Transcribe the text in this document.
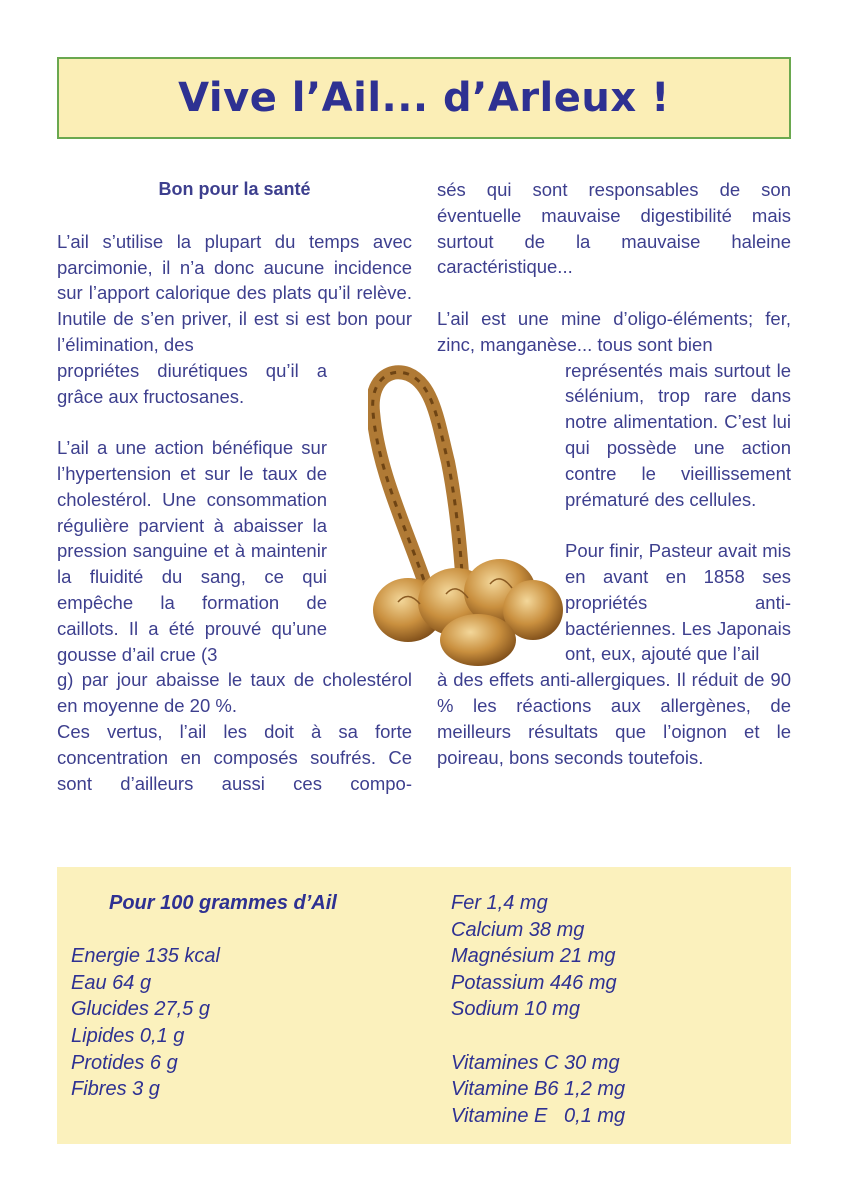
Vive l’Ail... d’Arleux !

Bon pour la santé

L’ail s’utilise la plupart du temps avec parcimonie, il n’a donc aucune incidence sur l’apport calorique des plats qu’il relève. Inutile de s’en priver, il est si est bon pour l’élimination, des

propriétes diurétiques qu’il a grâce aux fructosanes.

L’ail a une action bénéfique sur l’hypertension et sur le taux de cholestérol. Une consommation régulière parvient à abaisser la pression sanguine et à maintenir la fluidité du sang, ce qui empêche la formation de caillots. Il a été prouvé qu’une gousse d’ail crue (3

g) par jour abaisse le taux de cholestérol en moyenne de 20 %.

Ces vertus, l’ail les doit à sa forte concentration en composés soufrés. Ce sont d’ailleurs aussi ces compo-

sés qui sont responsables de son éventuelle mauvaise digestibilité mais surtout de la mauvaise haleine caractéristique...

L’ail est une mine d’oligo-éléments; fer, zinc, manganèse... tous sont bien

représentés mais surtout le sélénium, trop rare dans notre alimentation. C’est lui qui possède une action contre le vieillissement prématuré des cellules.

Pour finir, Pasteur avait mis en avant en 1858 ses propriétés anti-bactériennes. Les Japonais ont, eux, ajouté que l’ail

à des effets anti-allergiques. Il réduit de 90 % les réactions aux allergènes, de meilleurs résultats que l’oignon et le poireau, bons seconds toutefois.

Pour 100 grammes d’Ail
Energie 135 kcal
Eau 64 g
Glucides 27,5 g
Lipides 0,1 g
Protides 6 g
Fibres 3 g
Fer 1,4 mg
Calcium 38 mg
Magnésium 21 mg
Potassium 446 mg
Sodium 10 mg
Vitamines C 30 mg
Vitamine B6 1,2 mg
Vitamine E   0,1 mg
